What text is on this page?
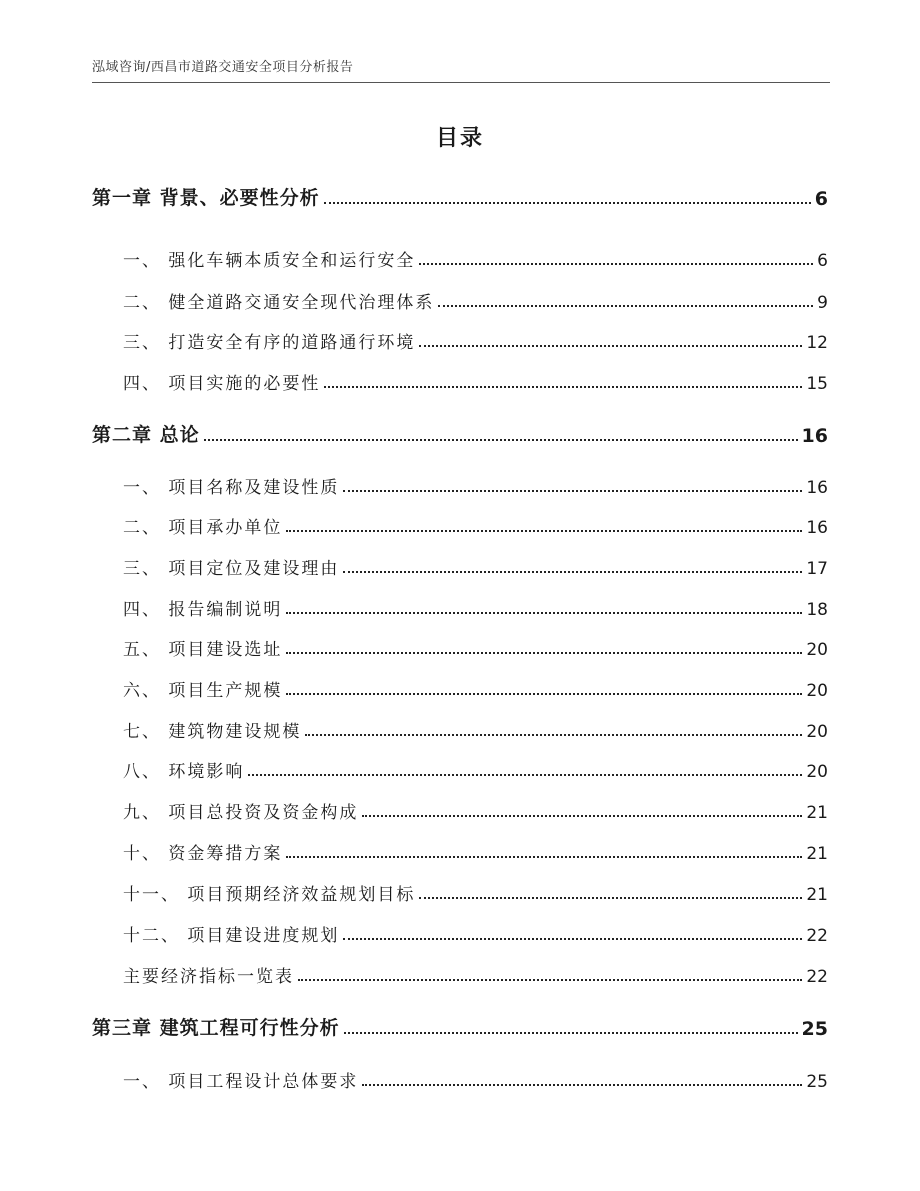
泓域咨询/西昌市道路交通安全项目分析报告
目录
第一章 背景、必要性分析	6
一、 强化车辆本质安全和运行安全	6
二、 健全道路交通安全现代治理体系	9
三、 打造安全有序的道路通行环境	12
四、 项目实施的必要性	15
第二章 总论	16
一、 项目名称及建设性质	16
二、 项目承办单位	16
三、 项目定位及建设理由	17
四、 报告编制说明	18
五、 项目建设选址	20
六、 项目生产规模	20
七、 建筑物建设规模	20
八、 环境影响	20
九、 项目总投资及资金构成	21
十、 资金筹措方案	21
十一、 项目预期经济效益规划目标	21
十二、 项目建设进度规划	22
主要经济指标一览表	22
第三章 建筑工程可行性分析	25
一、 项目工程设计总体要求	25
